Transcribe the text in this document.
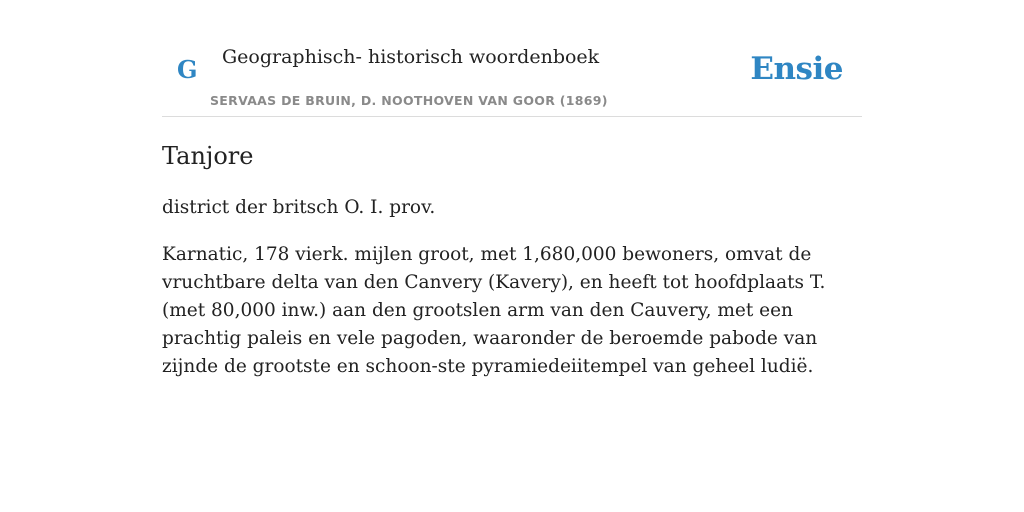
G Geographisch- historisch woordenboek
SERVAAS DE BRUIN, D. NOOTHOVEN VAN GOOR (1869)
Ensie
Tanjore

district der britsch O. I. prov.

Karnatic, 178 vierk. mijlen groot, met 1,680,000 bewoners, omvat de vruchtbare delta van den Canvery (Kavery), en heeft tot hoofdplaats T. (met 80,000 inw.) aan den grootslen arm van den Cauvery, met een prachtig paleis en vele pagoden, waaronder de beroemde pabode van zijnde de grootste en schoon-ste pyramiedeiitempel van geheel ludië.
